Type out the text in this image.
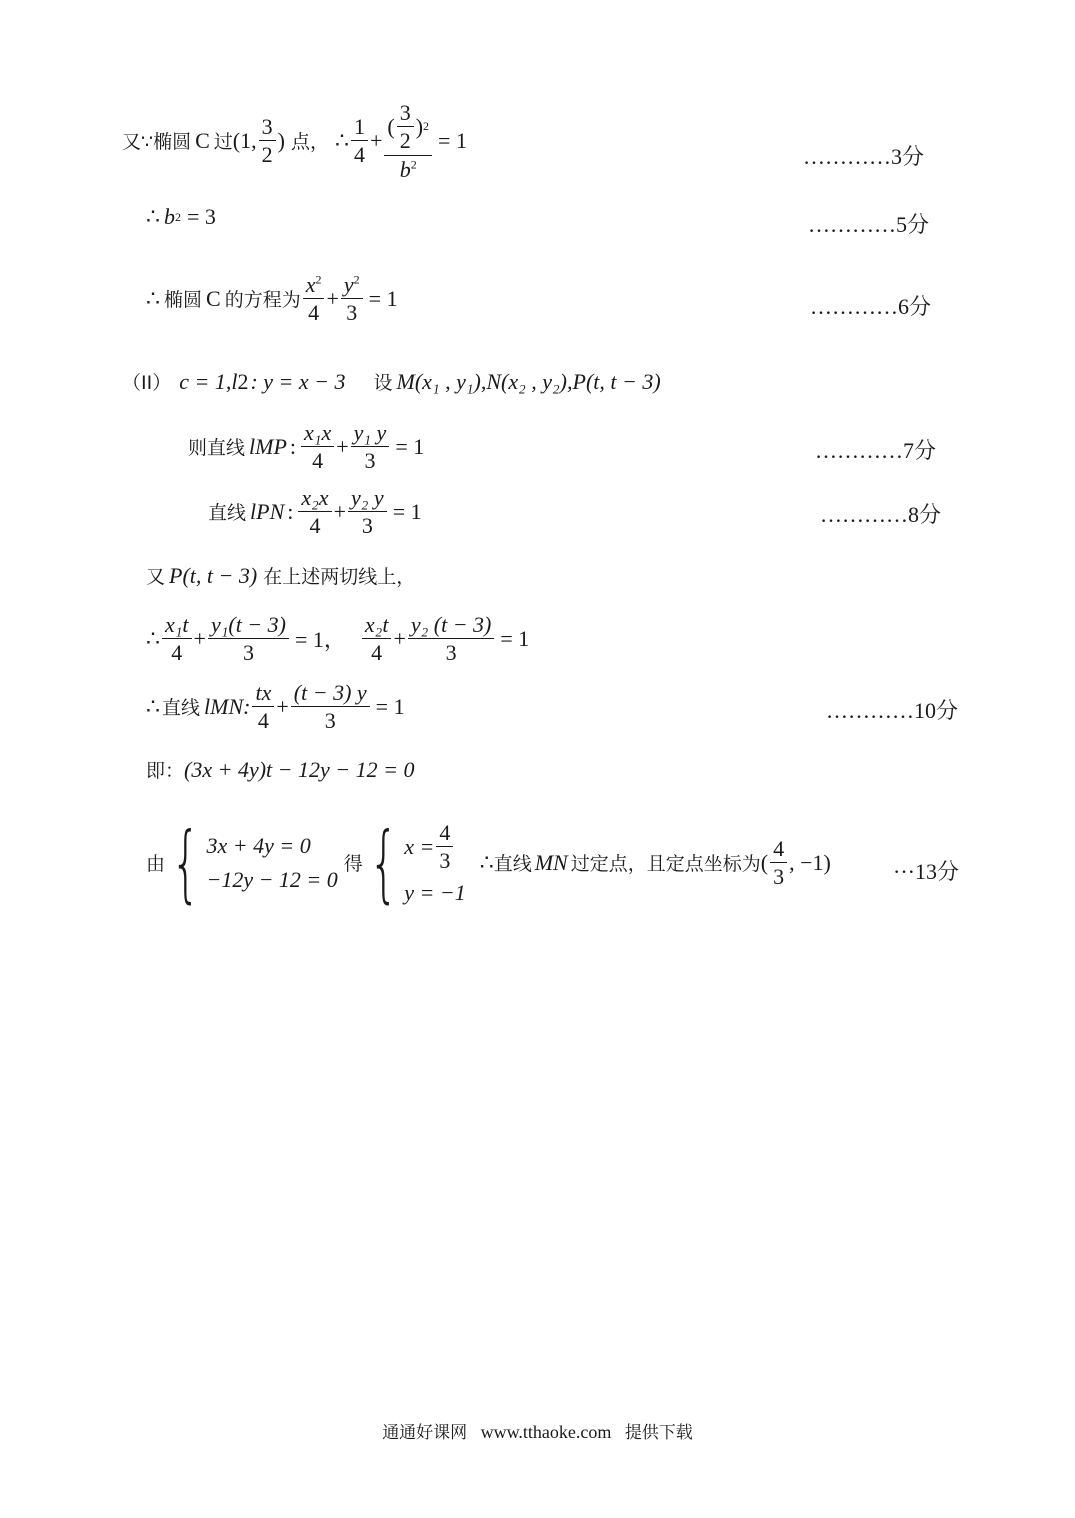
又∵椭圆 C 过 (1, $\frac{3}{2}$ ) 点， ∴ $\frac{1}{4} + \frac{( \frac{3}{2} ) 2}{b^2} = 1$
…………3分
∴ b 2 = 3	…………5分
∴ 椭圆 C 的方程为 $\frac{x^2}{4} + \frac{y^2}{3} = 1$	…………6分
（II） c = 1, l 2 : y = x − 3 设 M (x₁ , y₁), N (x₂ , y₂), P (t, t − 3)
则直线 l MP : $\frac{\text{x₁x}}{4} + \frac{\text{y₁ y}}{3} = 1$	…………7分
直线 l PN : $\frac{\text{x₂x}}{4} + \frac{\text{y₂ y}}{3} = 1$	…………8分
又 P (t, t − 3) 在上述两切线上，
∴ $\frac{\text{x₁t}}{4} + \frac{\text{y₁(t − 3)}}{3} = 1$， $\frac{\text{x₂t}}{4} + \frac{\text{y₂ (t − 3)}}{3} = 1$
∴ 直线 l MN: $\frac{tx}{4} + \frac{(t - 3) y}{3} = 1$	…………10分
即： (3x + 4y)t − 12y − 12 = 0
由 { 3x + 4y = 0
−12y − 12 = 0
得 { $x = \frac{4}{3}$
y = −1
∴ 直线 MN 过定点，且定点坐标为 ( $\frac{4}{3}$ , −1)	···13分
通通好课网 www.tthaoke.com 提供下载
